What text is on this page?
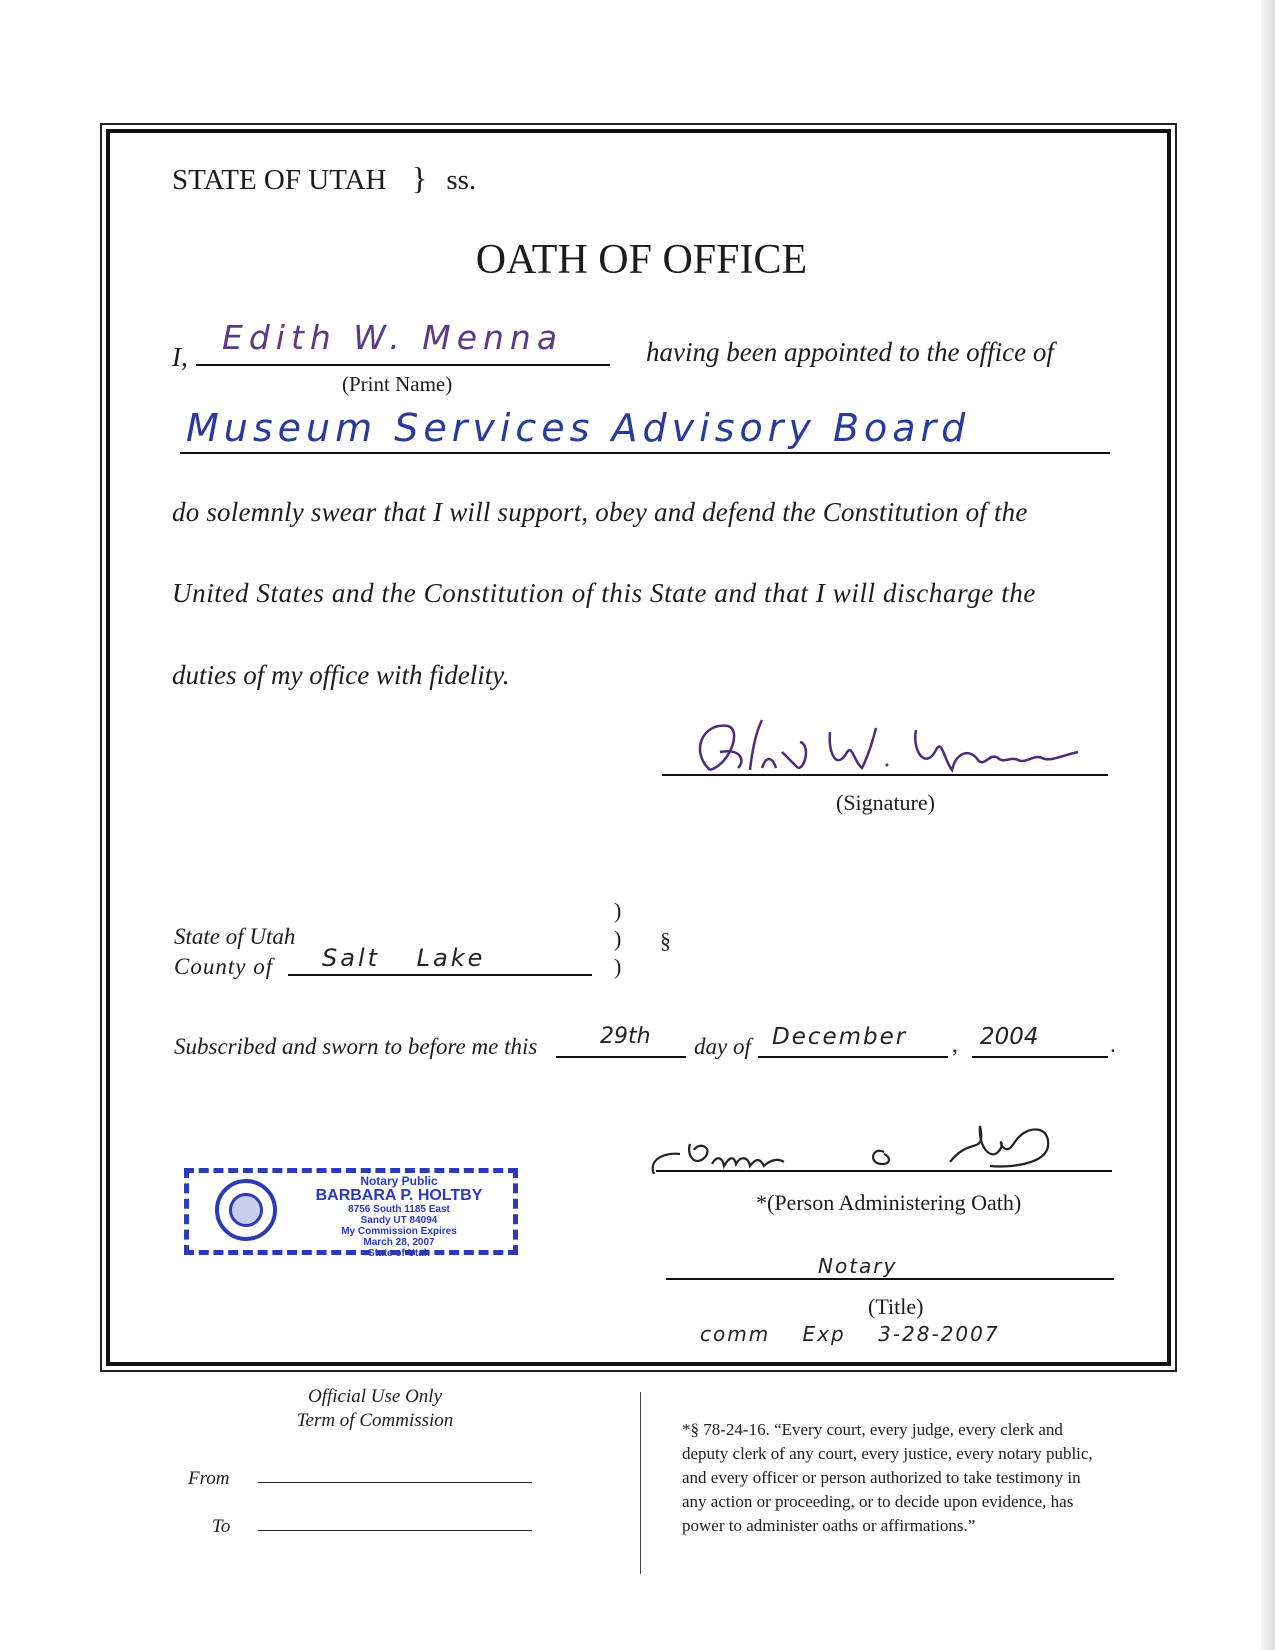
STATE OF UTAH } ss.
OATH OF OFFICE
I, Edith W. Menna
(Print Name)
having been appointed to the office of
Museum Services Advisory Board
do solemnly swear that I will support, obey and defend the Constitution of the
United States and the Constitution of this State and that I will discharge the
duties of my office with fidelity.
(Signature)
State of Utah
County of Salt Lake
)
)
)
§
Subscribed and sworn to before me this	29th day of December , 2004	.
Notary Public
BARBARA P. HOLTBY
8756 South 1185 East
Sandy UT 84094
My Commission Expires
March 28, 2007
State of Utah
*(Person Administering Oath)
Notary
(Title)
comm Exp 3-28-2007
Official Use Only
Term of Commission
From
To
*§ 78-24-16. “Every court, every judge, every clerk and
deputy clerk of any court, every justice, every notary public,
and every officer or person authorized to take testimony in
any action or proceeding, or to decide upon evidence, has
power to administer oaths or affirmations.”
